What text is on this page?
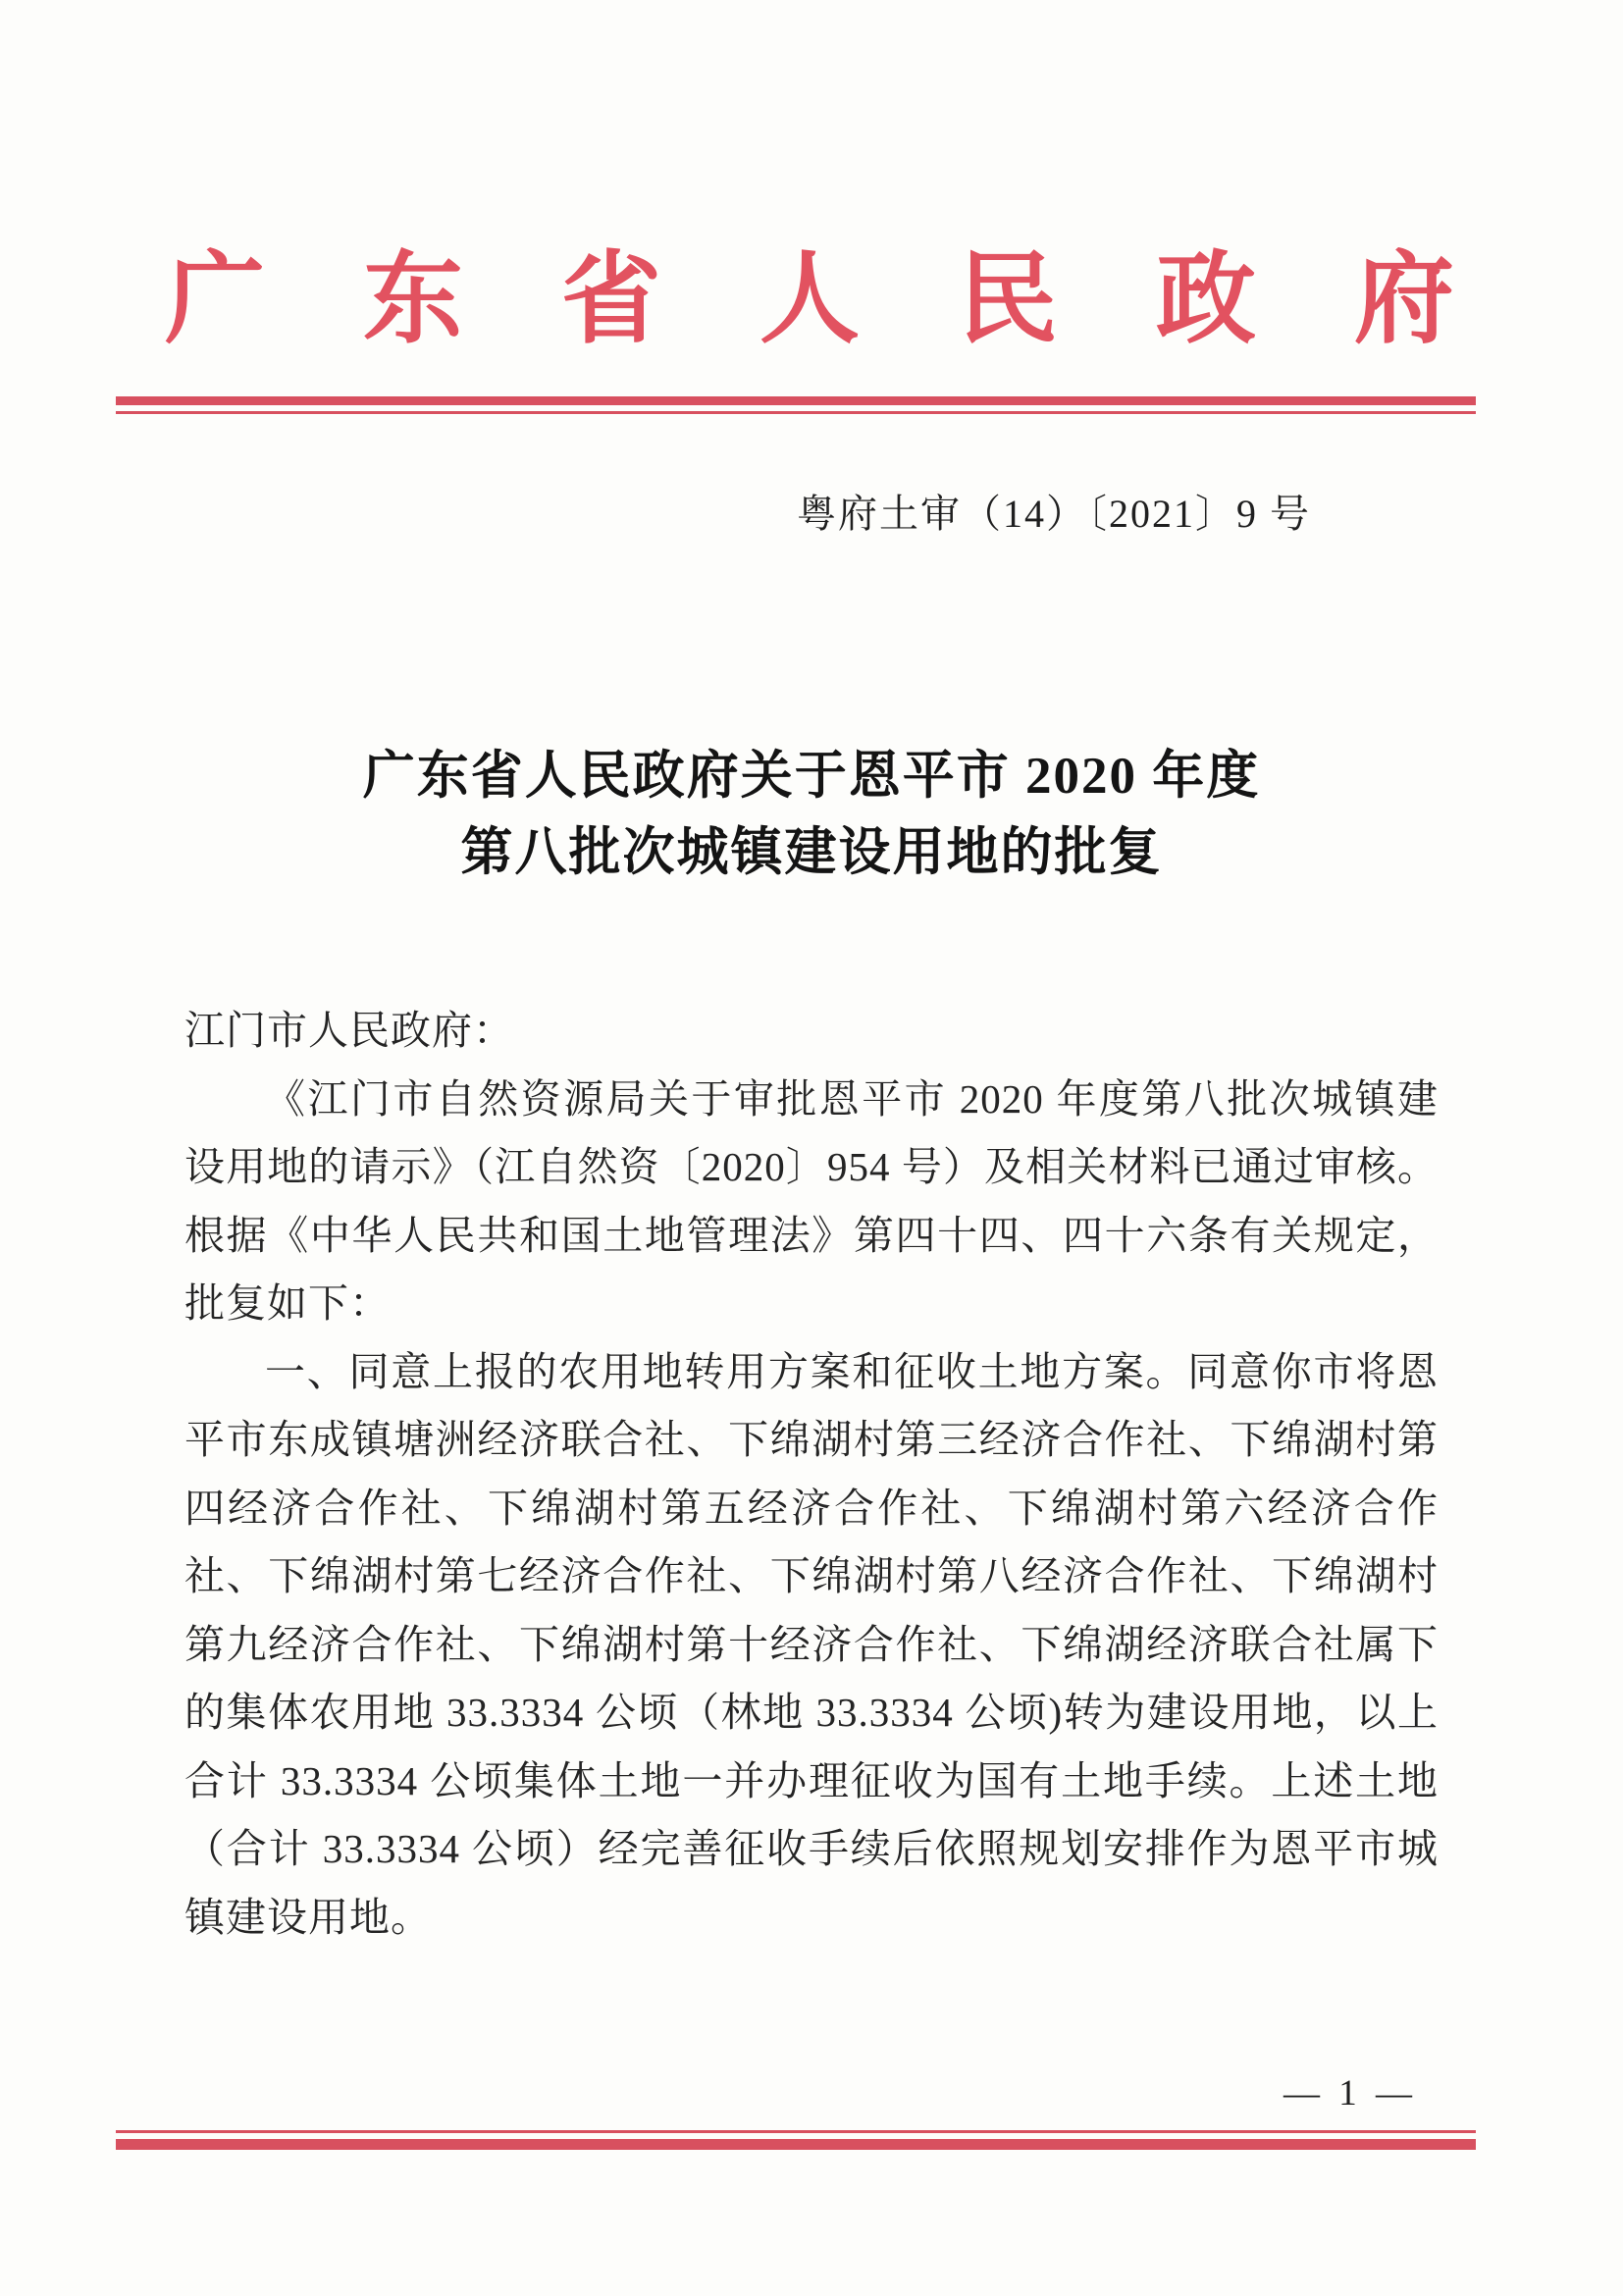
广 东 省 人 民 政 府
粤府土审（14）〔2021〕9 号
广东省人民政府关于恩平市 2020 年度
第八批次城镇建设用地的批复

江门市人民政府：

《江门市自然资源局关于审批恩平市 2020 年度第八批次城镇建设用地的请示》（江自然资〔2020〕954 号）及相关材料已通过审核。根据《中华人民共和国土地管理法》第四十四、四十六条有关规定，批复如下：

一、同意上报的农用地转用方案和征收土地方案。同意你市将恩平市东成镇塘洲经济联合社、下绵湖村第三经济合作社、下绵湖村第四经济合作社、下绵湖村第五经济合作社、下绵湖村第六经济合作社、下绵湖村第七经济合作社、下绵湖村第八经济合作社、下绵湖村第九经济合作社、下绵湖村第十经济合作社、下绵湖经济联合社属下的集体农用地 33.3334 公顷（林地 33.3334 公顷)转为建设用地，以上合计 33.3334 公顷集体土地一并办理征收为国有土地手续。上述土地（合计 33.3334 公顷）经完善征收手续后依照规划安排作为恩平市城镇建设用地。

— 1 —
